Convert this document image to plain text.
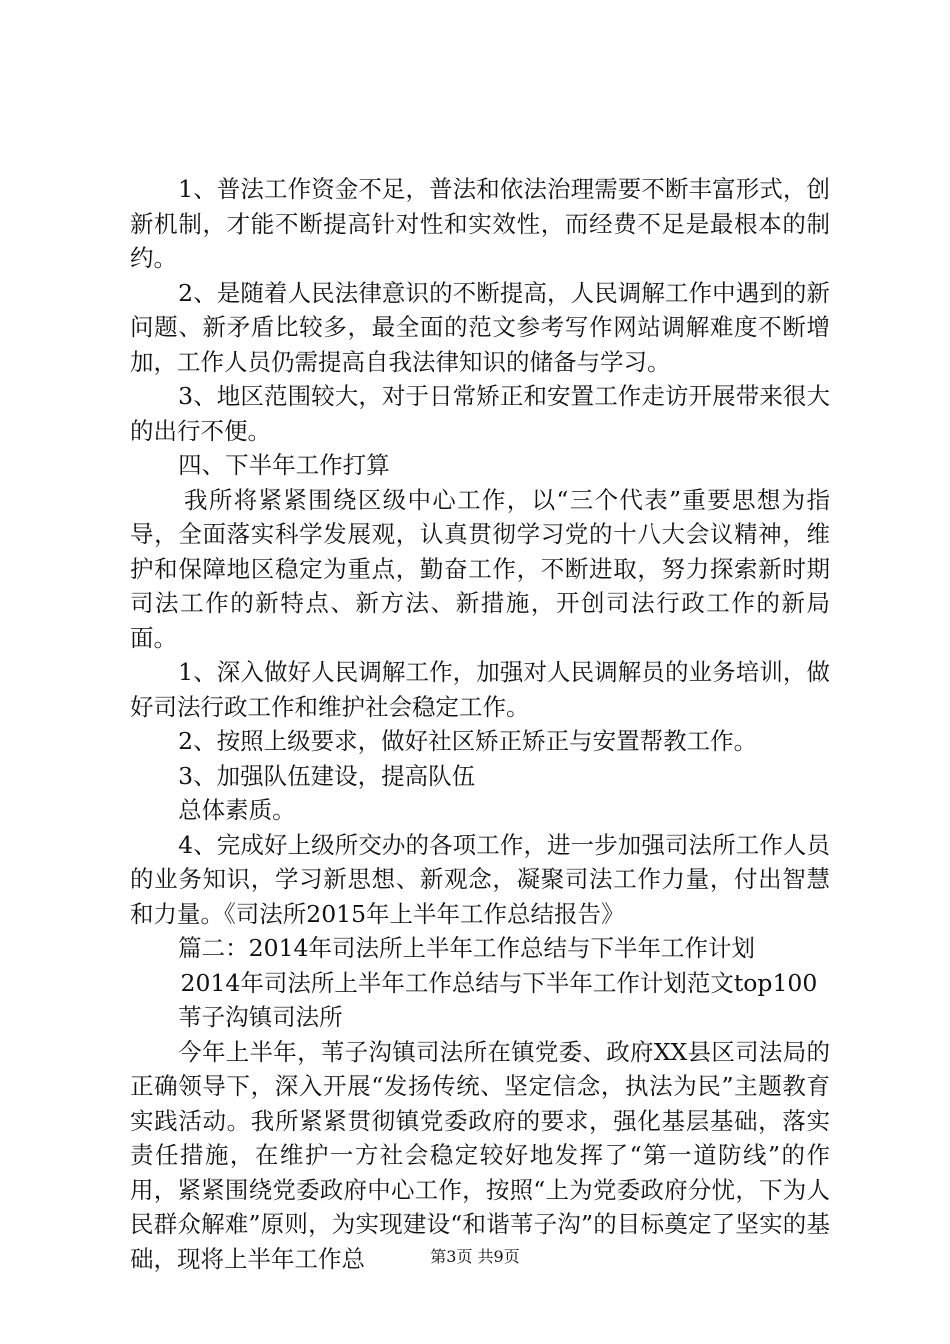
1、普法工作资金不足，普法和依法治理需要不断丰富形式，创新机制，才能不断提高针对性和实效性，而经费不足是最根本的制约。

2、是随着人民法律意识的不断提高，人民调解工作中遇到的新问题、新矛盾比较多，最全面的范文参考写作网站调解难度不断增加，工作人员仍需提高自我法律知识的储备与学习。

3、地区范围较大，对于日常矫正和安置工作走访开展带来很大的出行不便。

四、下半年工作打算

我所将紧紧围绕区级中心工作，以“三个代表”重要思想为指导，全面落实科学发展观，认真贯彻学习党的十八大会议精神，维护和保障地区稳定为重点，勤奋工作，不断进取，努力探索新时期司法工作的新特点、新方法、新措施，开创司法行政工作的新局面。

1、深入做好人民调解工作，加强对人民调解员的业务培训，做好司法行政工作和维护社会稳定工作。

2、按照上级要求，做好社区矫正矫正与安置帮教工作。

3、加强队伍建设，提高队伍

总体素质。

4、完成好上级所交办的各项工作，进一步加强司法所工作人员的业务知识，学习新思想、新观念，凝聚司法工作力量，付出智慧和力量。《司法所2015年上半年工作总结报告》

篇二：2014年司法所上半年工作总结与下半年工作计划

2014年司法所上半年工作总结与下半年工作计划范文top100

苇子沟镇司法所

今年上半年，苇子沟镇司法所在镇党委、政府XX县区司法局的正确领导下，深入开展“发扬传统、坚定信念，执法为民”主题教育实践活动。我所紧紧贯彻镇党委政府的要求，强化基层基础，落实责任措施，在维护一方社会稳定较好地发挥了“第一道防线”的作用，紧紧围绕党委政府中心工作，按照“上为党委政府分忧，下为人民群众解难”原则，为实现建设“和谐苇子沟”的目标奠定了坚实的基础，现将上半年工作总	第3页 共9页
